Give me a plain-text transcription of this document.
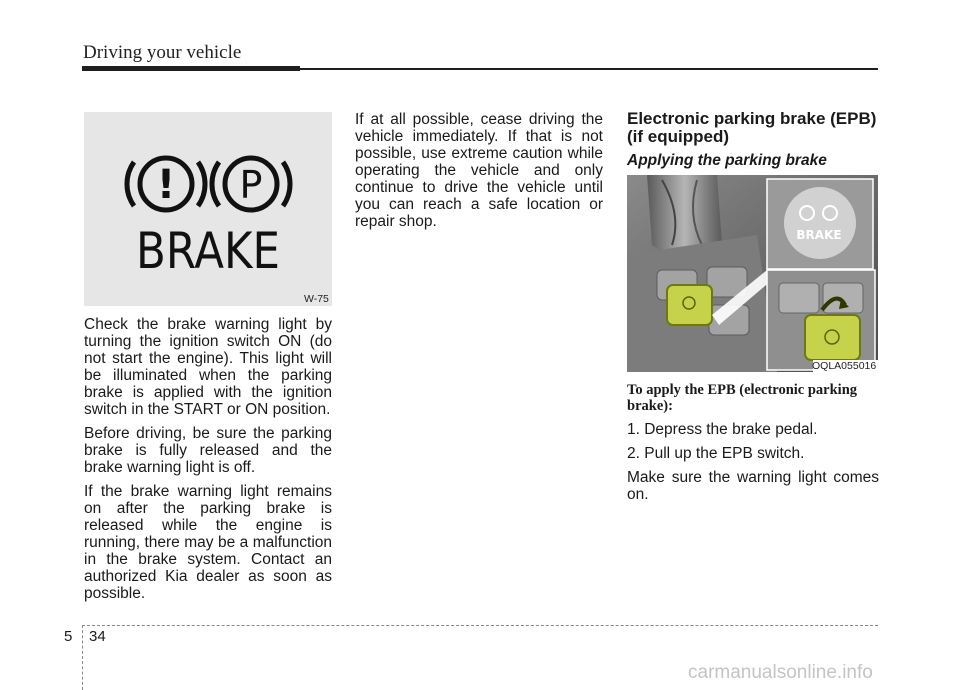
Driving your vehicle
! P
BRAKE
W-75

Check the brake warning light by turning the ignition switch ON (do not start the engine). This light will be illuminated when the parking brake is applied with the ignition switch in the START or ON position.

Before driving, be sure the parking brake is fully released and the brake warning light is off.

If the brake warning light remains on after the parking brake is released while the engine is running, there may be a malfunction in the brake system. Contact an authorized Kia dealer as soon as possible.

If at all possible, cease driving the vehicle immediately. If that is not possible, use extreme caution while operating the vehicle and only continue to drive the vehicle until you can reach a safe location or repair shop.

Electronic parking brake (EPB) (if equipped)
Applying the parking brake
BRAKE
OQLA055016
To apply the EPB (electronic parking brake):

1. Depress the brake pedal.

2. Pull up the EPB switch.

Make sure the warning light comes on.

5 34
carmanualsonline.info
